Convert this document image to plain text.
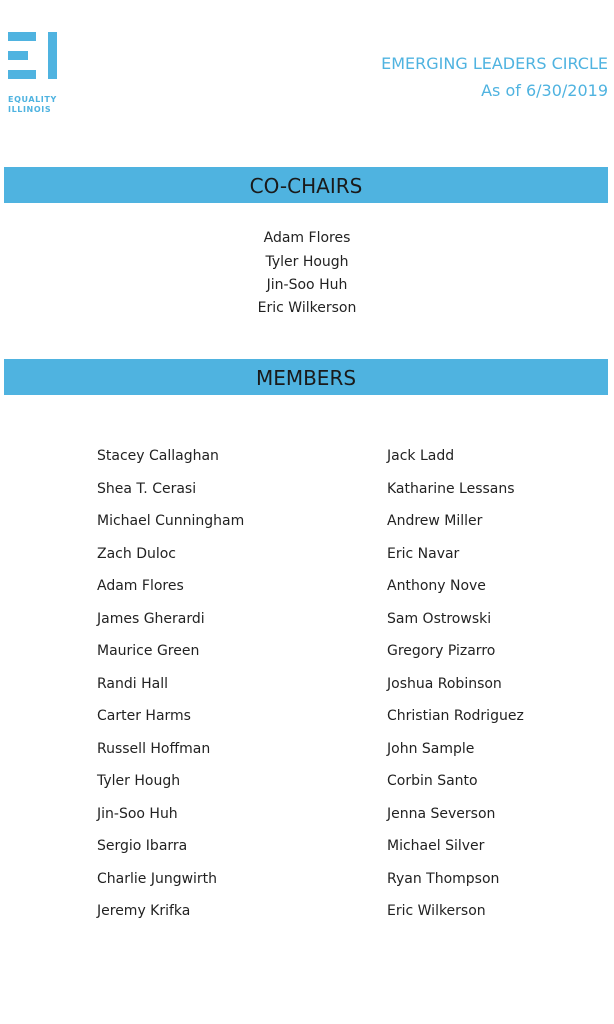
EQUALITY
ILLINOIS
EMERGING LEADERS CIRCLE
As of 6/30/2019
CO-CHAIRS
Adam Flores
Tyler Hough
Jin-Soo Huh
Eric Wilkerson
MEMBERS
Stacey Callaghan
Shea T. Cerasi
Michael Cunningham
Zach Duloc
Adam Flores
James Gherardi
Maurice Green
Randi Hall
Carter Harms
Russell Hoffman
Tyler Hough
Jin-Soo Huh
Sergio Ibarra
Charlie Jungwirth
Jeremy Krifka
Jack Ladd
Katharine Lessans
Andrew Miller
Eric Navar
Anthony Nove
Sam Ostrowski
Gregory Pizarro
Joshua Robinson
Christian Rodriguez
John Sample
Corbin Santo
Jenna Severson
Michael Silver
Ryan Thompson
Eric Wilkerson
